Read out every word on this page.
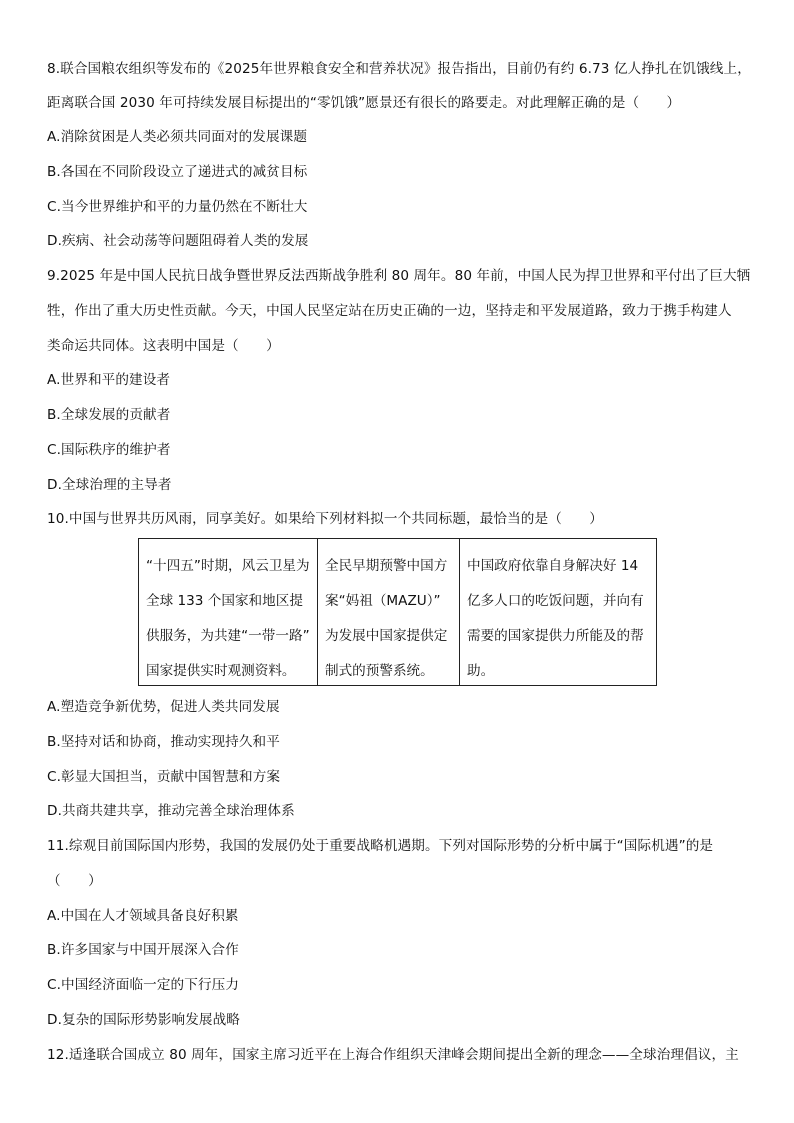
8.联合国粮农组织等发布的《2025年世界粮食安全和营养状况》报告指出，目前仍有约 6.73 亿人挣扎在饥饿线上，
距离联合国 2030 年可持续发展目标提出的“零饥饿”愿景还有很长的路要走。对此理解正确的是（　　）
A.消除贫困是人类必须共同面对的发展课题
B.各国在不同阶段设立了递进式的减贫目标
C.当今世界维护和平的力量仍然在不断壮大
D.疾病、社会动荡等问题阻碍着人类的发展
9.2025 年是中国人民抗日战争暨世界反法西斯战争胜利 80 周年。80 年前，中国人民为捍卫世界和平付出了巨大牺
牲，作出了重大历史性贡献。今天，中国人民坚定站在历史正确的一边，坚持走和平发展道路，致力于携手构建人
类命运共同体。这表明中国是（　　）
A.世界和平的建设者
B.全球发展的贡献者
C.国际秩序的维护者
D.全球治理的主导者
10.中国与世界共历风雨，同享美好。如果给下列材料拟一个共同标题，最恰当的是（　　）
“十四五”时期，风云卫星为
全球 133 个国家和地区提
供服务，为共建“一带一路”
国家提供实时观测资料。
全民早期预警中国方
案“妈祖（MAZU）”
为发展中国家提供定
制式的预警系统。
中国政府依靠自身解决好 14
亿多人口的吃饭问题，并向有
需要的国家提供力所能及的帮
助。
A.塑造竞争新优势，促进人类共同发展
B.坚持对话和协商，推动实现持久和平
C.彰显大国担当，贡献中国智慧和方案
D.共商共建共享，推动完善全球治理体系
11.综观目前国际国内形势，我国的发展仍处于重要战略机遇期。下列对国际形势的分析中属于“国际机遇”的是
（　　）
A.中国在人才领域具备良好积累
B.许多国家与中国开展深入合作
C.中国经济面临一定的下行压力
D.复杂的国际形势影响发展战略
12.适逢联合国成立 80 周年，国家主席习近平在上海合作组织天津峰会期间提出全新的理念——全球治理倡议，主
